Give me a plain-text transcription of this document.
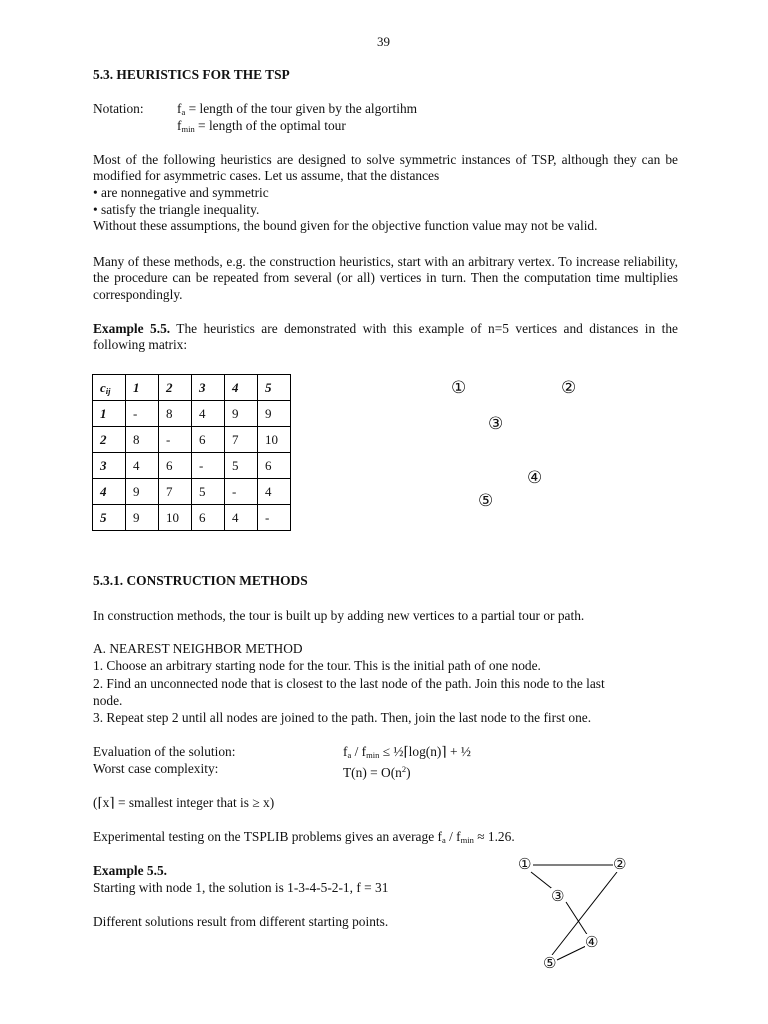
39
5.3. HEURISTICS FOR THE TSP
Notation: $f_a$ = length of the tour given by the algortihm
$f_{min}$ = length of the optimal tour
Most of the following heuristics are designed to solve symmetric instances of TSP, although they can be modified for asymmetric cases. Let us assume, that the distances
• are nonnegative and symmetric
• satisfy the triangle inequality.
Without these assumptions, the bound given for the objective function value may not be valid.
Many of these methods, e.g. the construction heuristics, start with an arbitrary vertex. To increase reliability, the procedure can be repeated from several (or all) vertices in turn. Then the computation time multiplies correspondingly.
Example 5.5. The heuristics are demonstrated with this example of n=5 vertices and distances in the following matrix:
$c_{ij}$	1	2	3	4	5
1	-	8	4	9	9
2	8	-	6	7	10
3	4	6	-	5	6
4	9	7	5	-	4
5	9	10	6	4	-
①	②
③
④
⑤
5.3.1. CONSTRUCTION METHODS
In construction methods, the tour is built up by adding new vertices to a partial tour or path.
A. NEAREST NEIGHBOR METHOD
1. Choose an arbitrary starting node for the tour. This is the initial path of one node.
2. Find an unconnected node that is closest to the last node of the path. Join this node to the last
node.
3. Repeat step 2 until all nodes are joined to the path. Then, join the last node to the first one.
Evaluation of the solution:	$f_a / f_{min}$ ≤ ½⌈log(n)⌉ + ½
Worst case complexity:	$T(n) = O(n^2)$
(⌈x⌉ = smallest integer that is ≥ x)
Experimental testing on the TSPLIB problems gives an average $f_a / f_{min} \approx 1.26$.
Example 5.5.
Starting with node 1, the solution is 1-3-4-5-2-1, f = 31
Different solutions result from different starting points.
①	②
③
④
⑤
